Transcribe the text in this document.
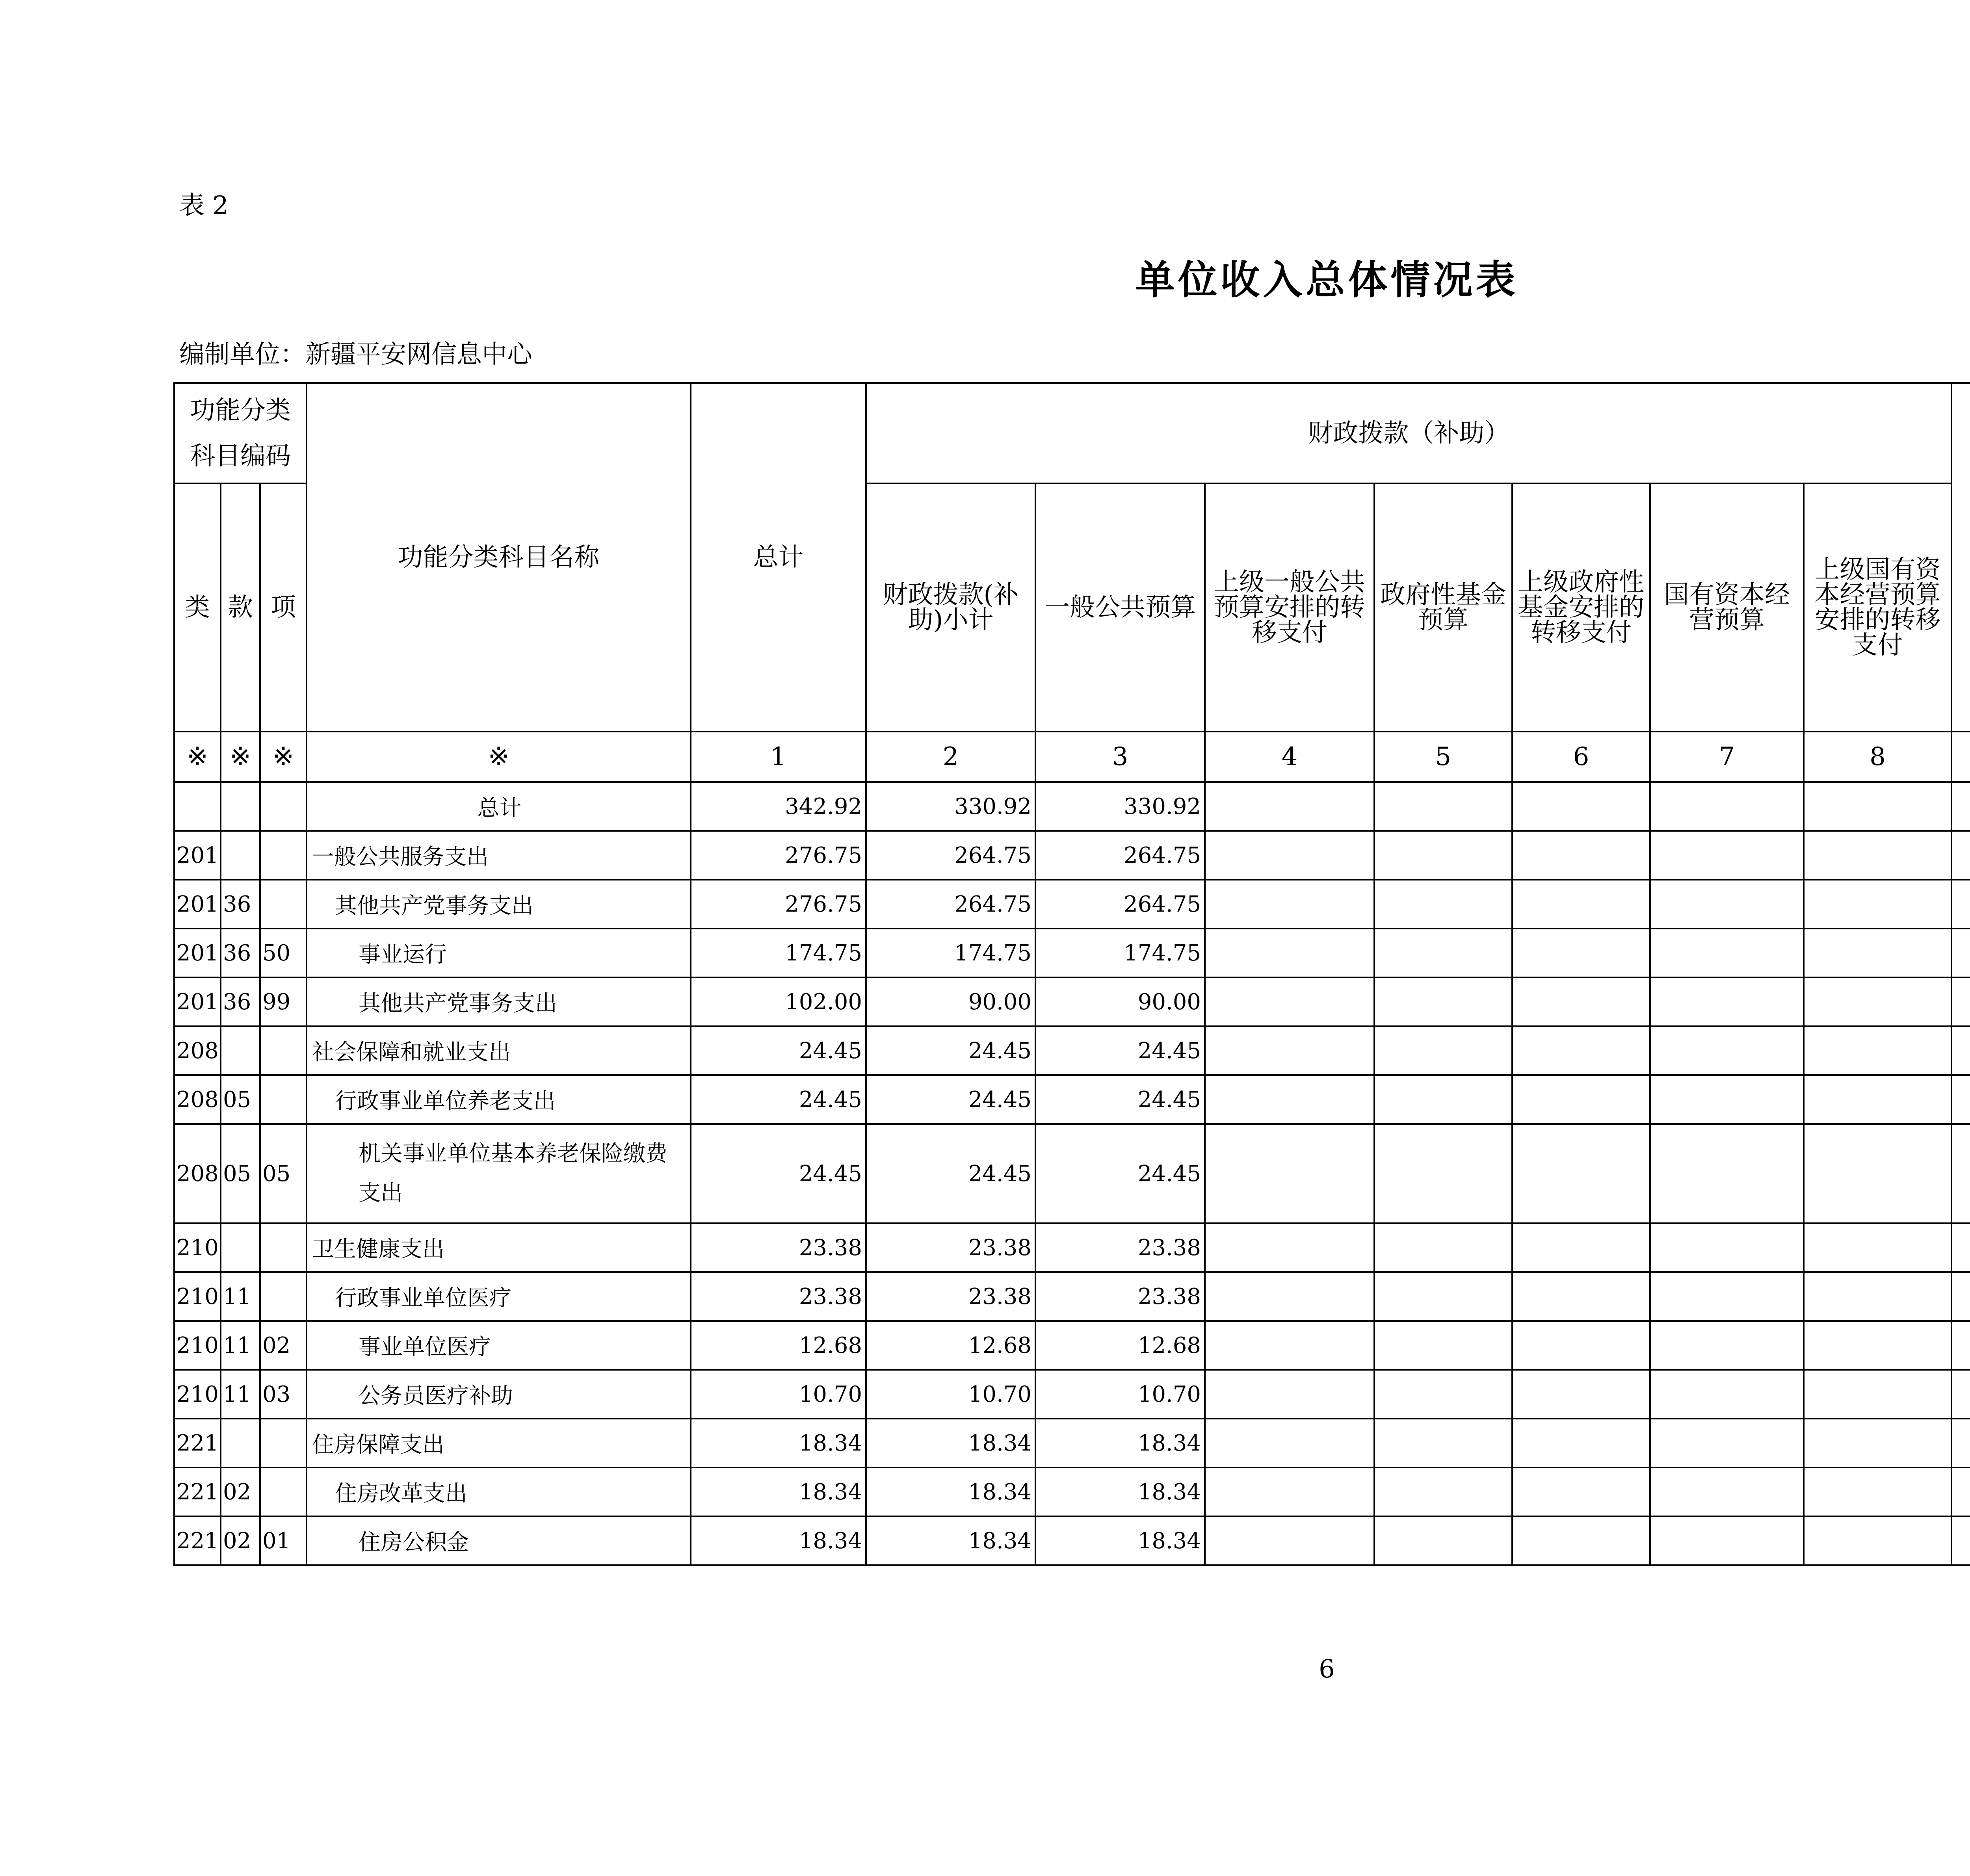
表 2
单位收入总体情况表
编制单位：新疆平安网信息中心
功能分类科目编码			功能分类科目名称	总计	财政拨款（补助）	

类	款	项			财政拨款(补助)小计	一般公共预算	上级一般公共预算安排的转移支付	政府性基金预算	上级政府性基金安排的转移支付	国有资本经营预算	上级国有资本经营预算安排的转移支付				

※	※	※	※	1	2	3	4	5	6	7	8				
			总计	342.92	330.92	330.92									
201			一般公共服务支出	276.75	264.75	264.75									
201	36		其他共产党事务支出	276.75	264.75	264.75									
201	36	50	事业运行	174.75	174.75	174.75									
201	36	99	其他共产党事务支出	102.00	90.00	90.00									
208			社会保障和就业支出	24.45	24.45	24.45									
208	05		行政事业单位养老支出	24.45	24.45	24.45									
208	05	05	机关事业单位基本养老保险缴费支出	24.45	24.45	24.45									
210			卫生健康支出	23.38	23.38	23.38									
210	11		行政事业单位医疗	23.38	23.38	23.38									
210	11	02	事业单位医疗	12.68	12.68	12.68									
210	11	03	公务员医疗补助	10.70	10.70	10.70									
221			住房保障支出	18.34	18.34	18.34									
221	02		住房改革支出	18.34	18.34	18.34									
221	02	01	住房公积金	18.34	18.34	18.34									
6
